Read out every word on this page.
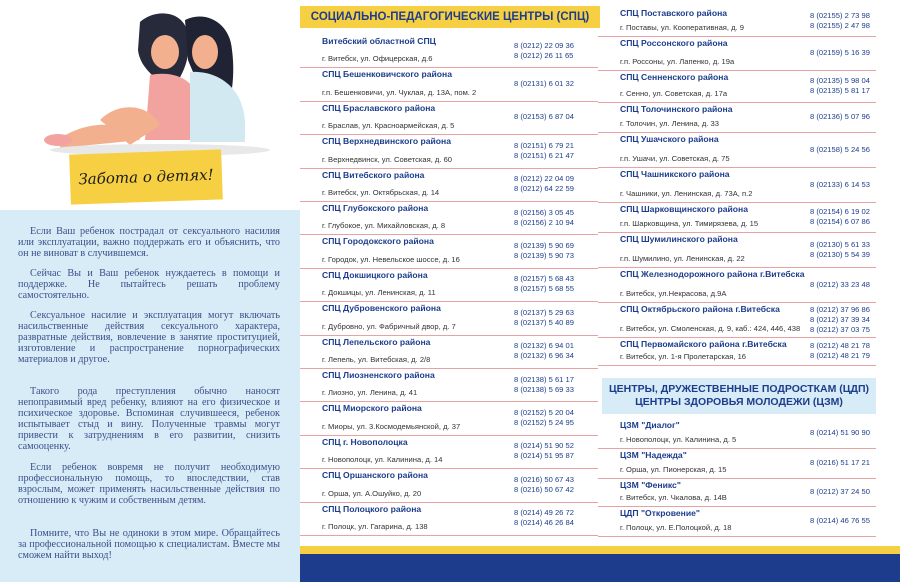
Забота о детях!

Если Ваш ребенок пострадал от сексуального насилия или эксплуатации, важно поддержать его и объяснить, что он не виноват в случившемся.

Сейчас Вы и Ваш ребенок нуждаетесь в помощи и поддержке. Не пытайтесь решать проблему самостоятельно.

Сексуальное насилие и эксплуатация могут включать насильственные действия сексуального характера, развратные действия, вовлечение в занятие проституцией, изготовление и распространение порнографических материалов и другое.

Такого рода преступления обычно наносят непоправимый вред ребенку, влияют на его физическое и психическое здоровье. Вспоминая случившееся, ребенок испытывает стыд и вину. Полученные травмы могут привести к затруднениям в его развитии, снизить самооценку.

Если ребенок вовремя не получит необходимую профессиональную помощь, то впоследствии, став взрослым, может применять насильственные действия по отношению к чужим и собственным детям.

Помните, что Вы не одиноки в этом мире. Обращайтесь за профессиональной помощью к специалистам. Вместе мы сможем найти выход!

СОЦИАЛЬНО-ПЕДАГОГИЧЕСКИЕ ЦЕНТРЫ (СПЦ)
Витебский областной СПЦ
г. Витебск, ул. Офицерская, д.6
8 (0212) 22 09 36
8 (0212) 26 11 65
СПЦ Бешенковичского района
г.п. Бешенковичи, ул. Чуклая, д. 13А, пом. 2
8 (02131) 6 01 32
СПЦ Браславского района
г. Браслав, ул. Красноармейская, д. 5
8 (02153) 6 87 04
СПЦ Верхнедвинского района
г. Верхнедвинск, ул. Советская, д. 60
8 (02151) 6 79 21
8 (02151) 6 21 47
СПЦ Витебского района
г. Витебск, ул. Октябрьская, д. 14
8 (0212) 22 04 09
8 (0212) 64 22 59
СПЦ Глубокского района
г. Глубокое, ул. Михайловская, д. 8
8 (02156) 3 05 45
8 (02156) 2 10 94
СПЦ Городокского района
г. Городок, ул. Невельское шоссе, д. 16
8 (02139) 5 90 69
8 (02139) 5 90 73
СПЦ Докшицкого района
г. Докшицы, ул. Ленинская, д. 11
8 (02157) 5 68 43
8 (02157) 5 68 55
СПЦ Дубровенского района
г. Дубровно, ул. Фабричный двор, д. 7
8 (02137) 5 29 63
8 (02137) 5 40 89
СПЦ Лепельского района
г. Лепель, ул. Витебская, д. 2/8
8 (02132) 6 94 01
8 (02132) 6 96 34
СПЦ Лиозненского района
г. Лиозно, ул. Ленина, д. 41
8 (02138) 5 61 17
8 (02138) 5 69 33
СПЦ Миорского района
г. Миоры, ул. 3.Космодемьянской, д. 37
8 (02152) 5 20 04
8 (02152) 5 24 95
СПЦ г. Новополоцка
г. Новополоцк, ул. Калинина, д. 14
8 (0214) 51 90 52
8 (0214) 51 95 87
СПЦ Оршанского района
г. Орша, ул. А.Ошуйко, д. 20
8 (0216) 50 67 43
8 (0216) 50 67 42
СПЦ Полоцкого района
г. Полоцк, ул. Гагарина, д. 138
8 (0214) 49 26 72
8 (0214) 46 26 84
СПЦ Поставского района
г. Поставы, ул. Кооперативная, д. 9
8 (02155) 2 73 98
8 (02155) 2 47 98
СПЦ Россонского района
г.п. Россоны, ул. Лапенко, д. 19а
8 (02159) 5 16 39
СПЦ Сенненского района
г. Сенно, ул. Советская, д. 17а
8 (02135) 5 98 04
8 (02135) 5 81 17
СПЦ Толочинского района
г. Толочин, ул. Ленина, д. 33
8 (02136) 5 07 96
СПЦ Ушачского района
г.п. Ушачи, ул. Советская, д. 75
8 (02158) 5 24 56
СПЦ Чашникского района
г. Чашники, ул. Ленинская, д. 73А, п.2
8 (02133) 6 14 53
СПЦ Шарковщинского района
г.п. Шарковщина, ул. Тимирязева, д. 15
8 (02154) 6 19 02
8 (02154) 6 07 86
СПЦ Шумилинского района
г.п. Шумилино, ул. Ленинская, д. 22
8 (02130) 5 61 33
8 (02130) 5 54 39
СПЦ Железнодорожного района г.Витебска
г. Витебск, ул.Некрасова, д.9А
8 (0212) 33 23 48
СПЦ Октябрьского района г.Витебска
г. Витебск, ул. Смоленская, д. 9, каб.: 424, 446, 438
8 (0212) 37 96 86
8 (0212) 37 39 34
8 (0212) 37 03 75
СПЦ Первомайского района г.Витебска
г. Витебск, ул. 1-я Пролетарская, 16
8 (0212) 48 21 78
8 (0212) 48 21 79
ЦЕНТРЫ, ДРУЖЕСТВЕННЫЕ ПОДРОСТКАМ (ЦДП)
ЦЕНТРЫ ЗДОРОВЬЯ МОЛОДЕЖИ (ЦЗМ)
ЦЗМ "Диалог"
г. Новополоцк, ул. Калинина, д. 5
8 (0214) 51 90 90
ЦЗМ "Надежда"
г. Орша, ул. Пионерская, д. 15
8 (0216) 51 17 21
ЦЗМ "Феникс"
г. Витебск, ул. Чкалова, д. 14В
8 (0212) 37 24 50
ЦДП "Откровение"
г. Полоцк, ул. Е.Полоцкой, д. 18
8 (0214) 46 76 55
